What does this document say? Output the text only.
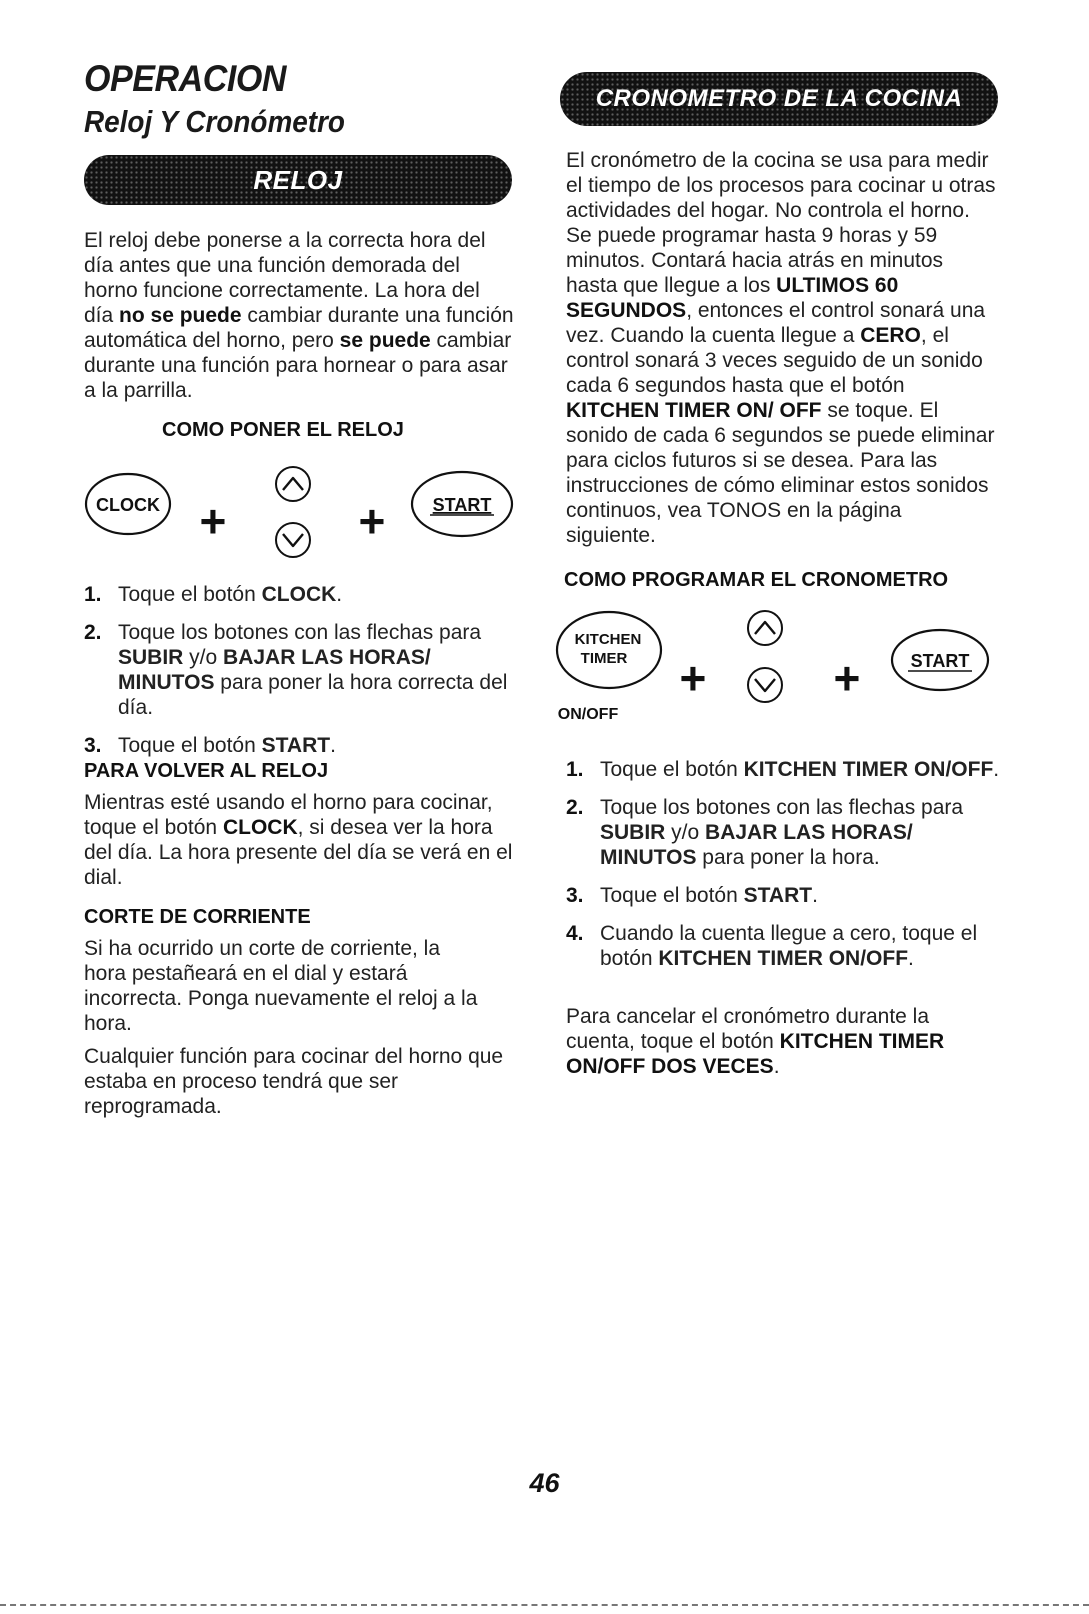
OPERACION
Reloj Y Cronómetro
RELOJ

El reloj debe ponerse a la correcta hora del día antes que una función demorada del horno funcione correctamente. La hora del día no se puede cambiar durante una función automática del horno, pero se puede cambiar durante una función para hornear o para asar a la parrilla.

COMO PONER EL RELOJ
CLOCK +	+	START
1. Toque el botón CLOCK.
2. Toque los botones con las flechas para SUBIR y/o BAJAR LAS HORAS/ MINUTOS para poner la hora correcta del día.
3. Toque el botón START.
PARA VOLVER AL RELOJ

Mientras esté usando el horno para cocinar, toque el botón CLOCK, si desea ver la hora del día. La hora presente del día se verá en el dial.

CORTE DE CORRIENTE

Si ha ocurrido un corte de corriente, la hora pestañeará en el dial y estará incorrecta. Ponga nuevamente el reloj a la hora.

Cualquier función para cocinar del horno que estaba en proceso tendrá que ser reprogramada.

CRONOMETRO DE LA COCINA

El cronómetro de la cocina se usa para medir el tiempo de los procesos para cocinar u otras actividades del hogar. No controla el horno. Se puede programar hasta 9 horas y 59 minutos. Contará hacia atrás en minutos hasta que llegue a los ULTIMOS 60 SEGUNDOS, entonces el control sonará una vez. Cuando la cuenta llegue a CERO, el control sonará 3 veces seguido de un sonido cada 6 segundos hasta que el botón KITCHEN TIMER ON/ OFF se toque. El sonido de cada 6 segundos se puede eliminar para ciclos futuros si se desea. Para las instrucciones de cómo eliminar estos sonidos continuos, vea TONOS en la página siguiente.

COMO PROGRAMAR EL CRONOMETRO
KITCHEN
TIMER
ON/OFF
+	+	START
1. Toque el botón KITCHEN TIMER ON/OFF.
2. Toque los botones con las flechas para SUBIR y/o BAJAR LAS HORAS/ MINUTOS para poner la hora.
3. Toque el botón START.
4. Cuando la cuenta llegue a cero, toque el botón KITCHEN TIMER ON/OFF.

Para cancelar el cronómetro durante la cuenta, toque el botón KITCHEN TIMER ON/OFF DOS VECES.

46
